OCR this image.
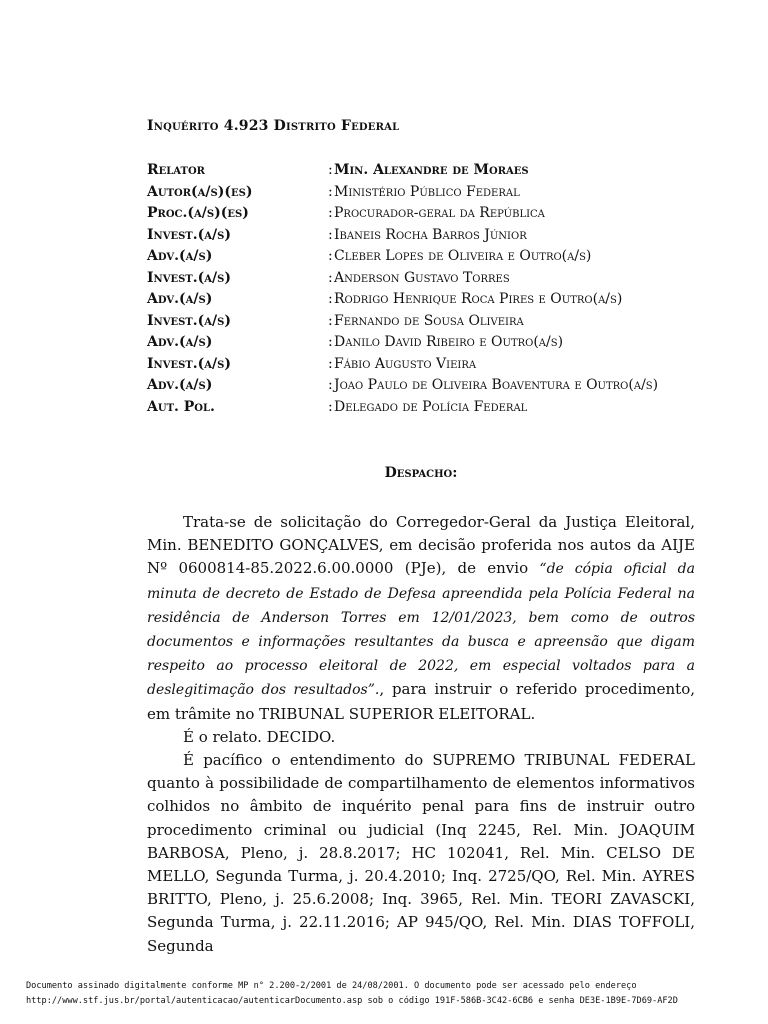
Inquérito 4.923 Distrito Federal
Relator	: Min. Alexandre de Moraes
Autor(a/s)(es)	: Ministério Público Federal
Proc.(a/s)(es)	: Procurador-geral da República
Invest.(a/s)	: Ibaneis Rocha Barros Júnior
Adv.(a/s)	: Cleber Lopes de Oliveira e Outro(a/s)
Invest.(a/s)	: Anderson Gustavo Torres
Adv.(a/s)	: Rodrigo Henrique Roca Pires e Outro(a/s)
Invest.(a/s)	: Fernando de Sousa Oliveira
Adv.(a/s)	: Danilo David Ribeiro e Outro(a/s)
Invest.(a/s)	: Fábio Augusto Vieira
Adv.(a/s)	: Joao Paulo de Oliveira Boaventura e Outro(a/s)
Aut. Pol.	: Delegado de Polícia Federal
Despacho:

Trata-se de solicitação do Corregedor-Geral da Justiça Eleitoral, Min. BENEDITO GONÇALVES, em decisão proferida nos autos da AIJE Nº 0600814-85.2022.6.00.0000 (PJe), de envio “de cópia oficial da minuta de decreto de Estado de Defesa apreendida pela Polícia Federal na residência de Anderson Torres em 12/01/2023, bem como de outros documentos e informações resultantes da busca e apreensão que digam respeito ao processo eleitoral de 2022, em especial voltados para a deslegitimação dos resultados”., para instruir o referido procedimento, em trâmite no TRIBUNAL SUPERIOR ELEITORAL.

É o relato. DECIDO.

É pacífico o entendimento do SUPREMO TRIBUNAL FEDERAL quanto à possibilidade de compartilhamento de elementos informativos colhidos no âmbito de inquérito penal para fins de instruir outro procedimento criminal ou judicial (Inq 2245, Rel. Min. JOAQUIM BARBOSA, Pleno, j. 28.8.2017; HC 102041, Rel. Min. CELSO DE MELLO, Segunda Turma, j. 20.4.2010; Inq. 2725/QO, Rel. Min. AYRES BRITTO, Pleno, j. 25.6.2008; Inq. 3965, Rel. Min. TEORI ZAVASCKI, Segunda Turma, j. 22.11.2016; AP 945/QO, Rel. Min. DIAS TOFFOLI, Segunda

Documento assinado digitalmente conforme MP n° 2.200-2/2001 de 24/08/2001. O documento pode ser acessado pelo endereço
http://www.stf.jus.br/portal/autenticacao/autenticarDocumento.asp sob o código 191F-586B-3C42-6CB6 e senha DE3E-1B9E-7D69-AF2D
